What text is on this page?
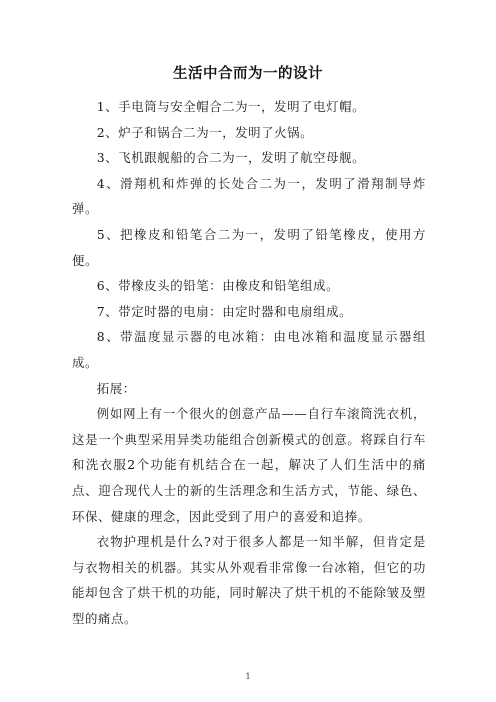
生活中合而为一的设计

1、手电筒与安全帽合二为一，发明了电灯帽。

2、炉子和锅合二为一，发明了火锅。

3、飞机跟舰船的合二为一，发明了航空母舰。

4、滑翔机和炸弹的长处合二为一，发明了滑翔制导炸弹。

5、把橡皮和铅笔合二为一，发明了铅笔橡皮，使用方便。

6、带橡皮头的铅笔：由橡皮和铅笔组成。

7、带定时器的电扇：由定时器和电扇组成。

8、带温度显示器的电冰箱：由电冰箱和温度显示器组成。

拓展：

例如网上有一个很火的创意产品——自行车滚筒洗衣机，这是一个典型采用异类功能组合创新模式的创意。将踩自行车和洗衣服2个功能有机结合在一起，解决了人们生活中的痛点、迎合现代人士的新的生活理念和生活方式，节能、绿色、环保、健康的理念，因此受到了用户的喜爱和追捧。

衣物护理机是什么?对于很多人都是一知半解，但肯定是与衣物相关的机器。其实从外观看非常像一台冰箱，但它的功能却包含了烘干机的功能，同时解决了烘干机的不能除皱及塑型的痛点。

1
